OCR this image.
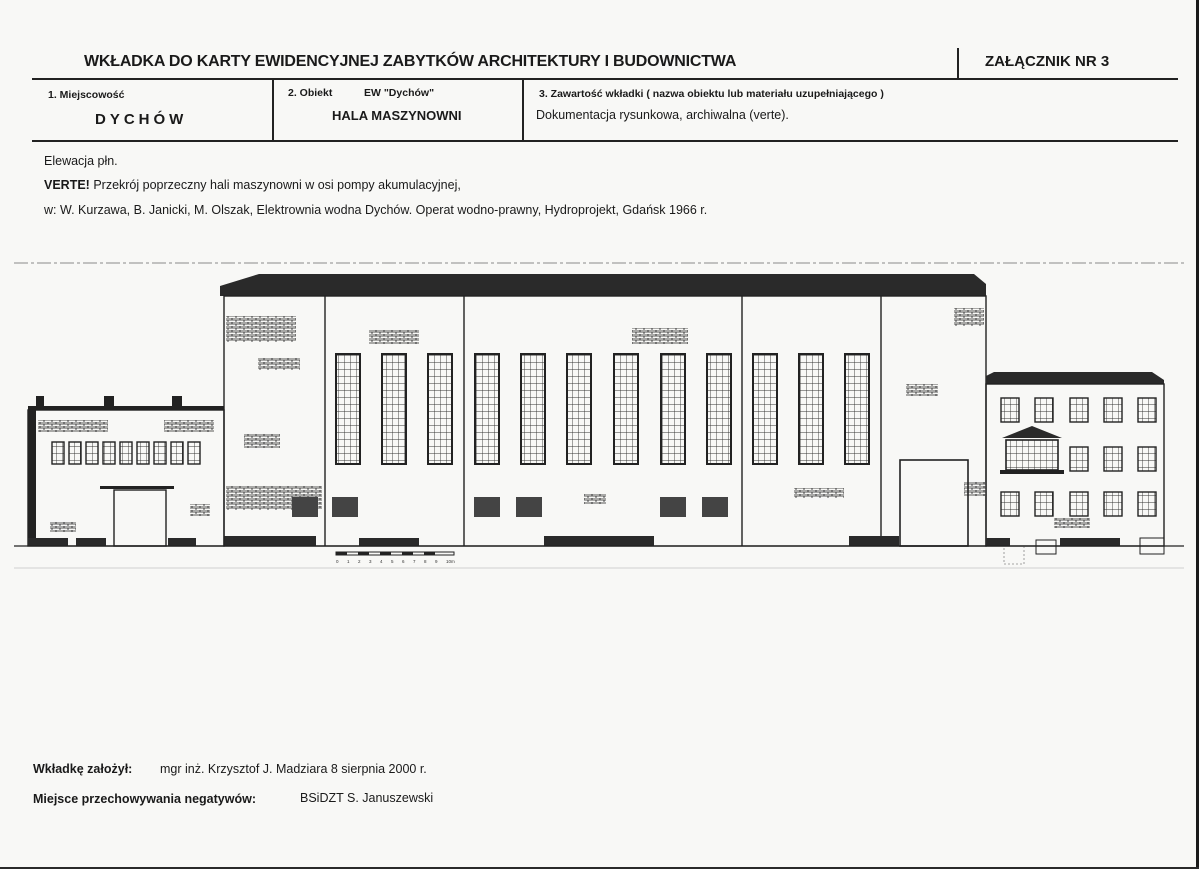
WKŁADKA DO KARTY EWIDENCYJNEJ ZABYTKÓW ARCHITEKTURY I BUDOWNICTWA	ZAŁĄCZNIK NR 3
1. Miejscowość
DYCHÓW
2. Obiekt	EW "Dychów"
HALA MASZYNOWNI
3. Zawartość wkładki ( nazwa obiektu lub materiału uzupełniającego )
Dokumentacja rysunkowa, archiwalna (verte).
Elewacja płn.
VERTE! Przekrój poprzeczny hali maszynowni w osi pompy akumulacyjnej,
w: W. Kurzawa, B. Janicki, M. Olszak, Elektrownia wodna Dychów. Operat wodno-prawny, Hydroprojekt, Gdańsk 1966 r.
0 1 2 3 4 5 6 7 8 9 10m
Wkładkę założył: mgr inż. Krzysztof J. Madziara 8 sierpnia 2000 r.
Miejsce przechowywania negatywów:	BSiDZT S. Januszewski
